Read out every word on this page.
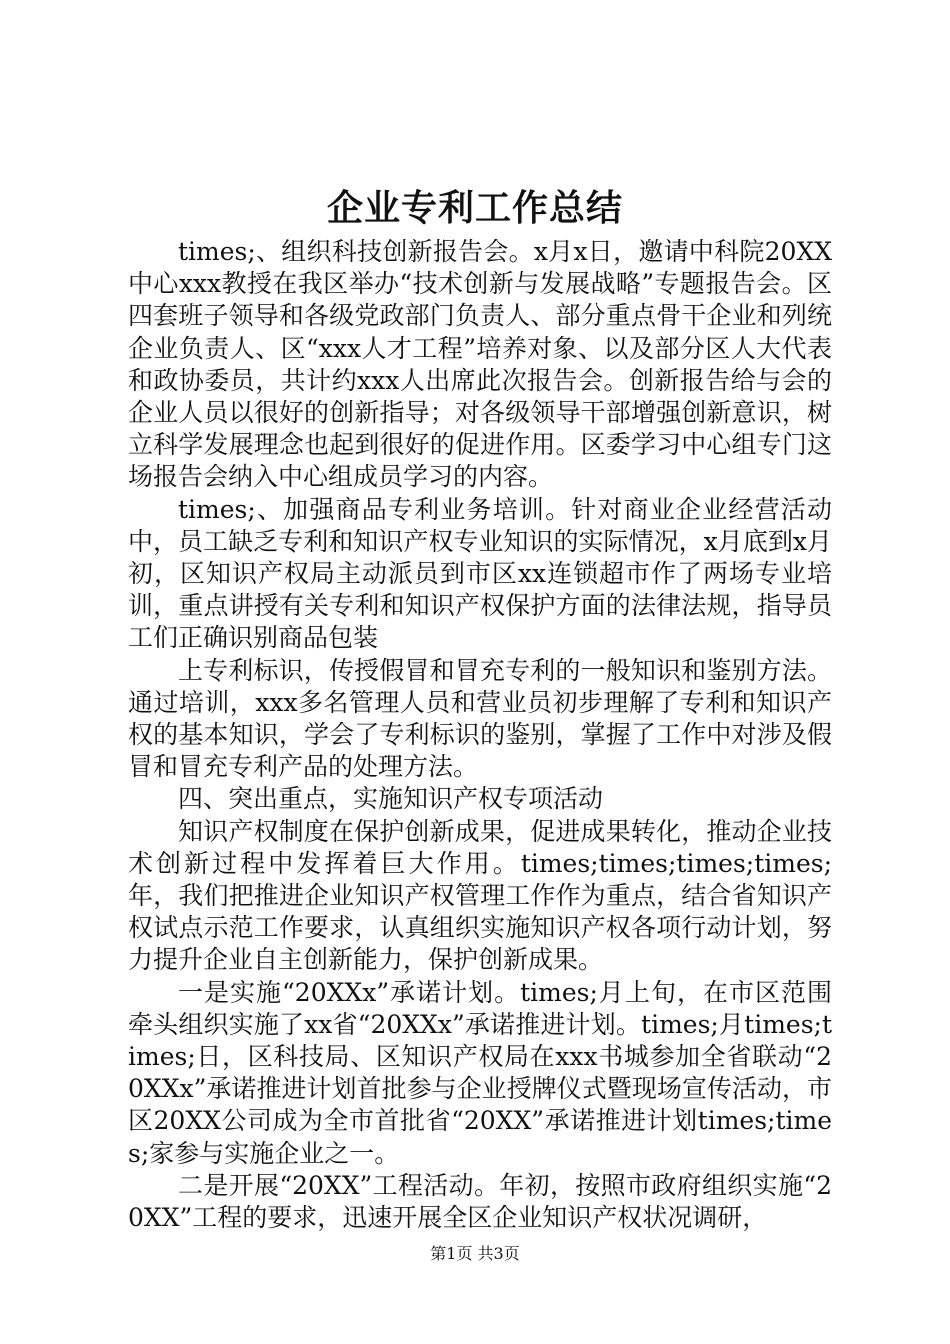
企业专利工作总结

times;、组织科技创新报告会。x月x日，邀请中科院20XX中心xxx教授在我区举办“技术创新与发展战略”专题报告会。区四套班子领导和各级党政部门负责人、部分重点骨干企业和列统企业负责人、区“xxx人才工程”培养对象、以及部分区人大代表和政协委员，共计约xxx人出席此次报告会。创新报告给与会的企业人员以很好的创新指导；对各级领导干部增强创新意识，树立科学发展理念也起到很好的促进作用。区委学习中心组专门这场报告会纳入中心组成员学习的内容。

times;、加强商品专利业务培训。针对商业企业经营活动中，员工缺乏专利和知识产权专业知识的实际情况，x月底到x月初，区知识产权局主动派员到市区xx连锁超市作了两场专业培训，重点讲授有关专利和知识产权保护方面的法律法规，指导员工们正确识别商品包装

上专利标识，传授假冒和冒充专利的一般知识和鉴别方法。通过培训，xxx多名管理人员和营业员初步理解了专利和知识产权的基本知识，学会了专利标识的鉴别，掌握了工作中对涉及假冒和冒充专利产品的处理方法。

四、突出重点，实施知识产权专项活动

知识产权制度在保护创新成果，促进成果转化，推动企业技术创新过程中发挥着巨大作用。times;times;times;times;年，我们把推进企业知识产权管理工作作为重点，结合省知识产权试点示范工作要求，认真组织实施知识产权各项行动计划，努力提升企业自主创新能力，保护创新成果。

一是实施“20XXx”承诺计划。times;月上旬，在市区范围牵头组织实施了xx省“20XXx”承诺推进计划。times;月times;times;日，区科技局、区知识产权局在xxx书城参加全省联动“20XXx”承诺推进计划首批参与企业授牌仪式暨现场宣传活动，市区20XX公司成为全市首批省“20XX”承诺推进计划times;times;家参与实施企业之一。

二是开展“20XX”工程活动。年初，按照市政府组织实施“20XX”工程的要求，迅速开展全区企业知识产权状况调研，

第1页 共3页
